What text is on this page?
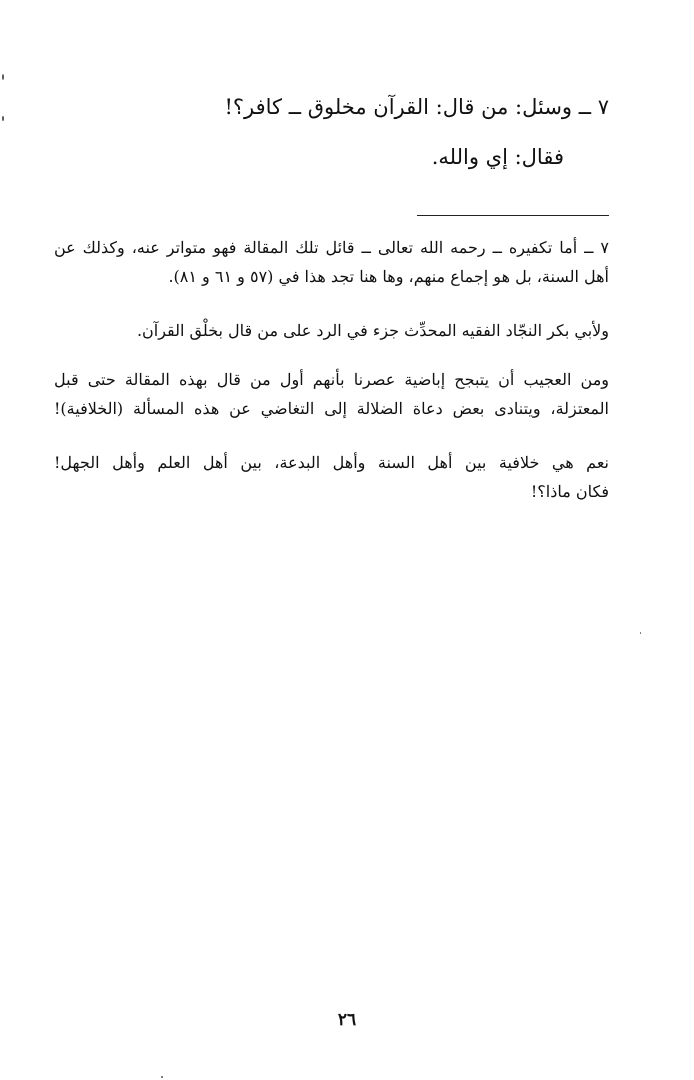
٧ ــ وسئل: من قال: القرآن مخلوق ــ كافر؟!
فقال: إي والله.
٧ ــ أما تكفيره ــ رحمه الله تعالى ــ قائل تلك المقالة فهو متواتر عنه، وكذلك عن
أهل السنة، بل هو إجماع منهم، وها هنا تجد هذا في (٥٧ و ٦١ و ٨١).
ولأبي بكر النجّاد الفقيه المحدِّث جزء في الرد على من قال بخلْق القرآن.
ومن العجيب أن يتبجح إباضية عصرنا بأنهم أول من قال بهذه المقالة حتى قبل
المعتزلة، ويتنادى بعض دعاة الضلالة إلى التغاضي عن هذه المسألة (الخلافية)!
نعم هي خلافية بين أهل السنة وأهل البدعة، بين أهل العلم وأهل الجهل!
فكان ماذا؟!
٢٦
